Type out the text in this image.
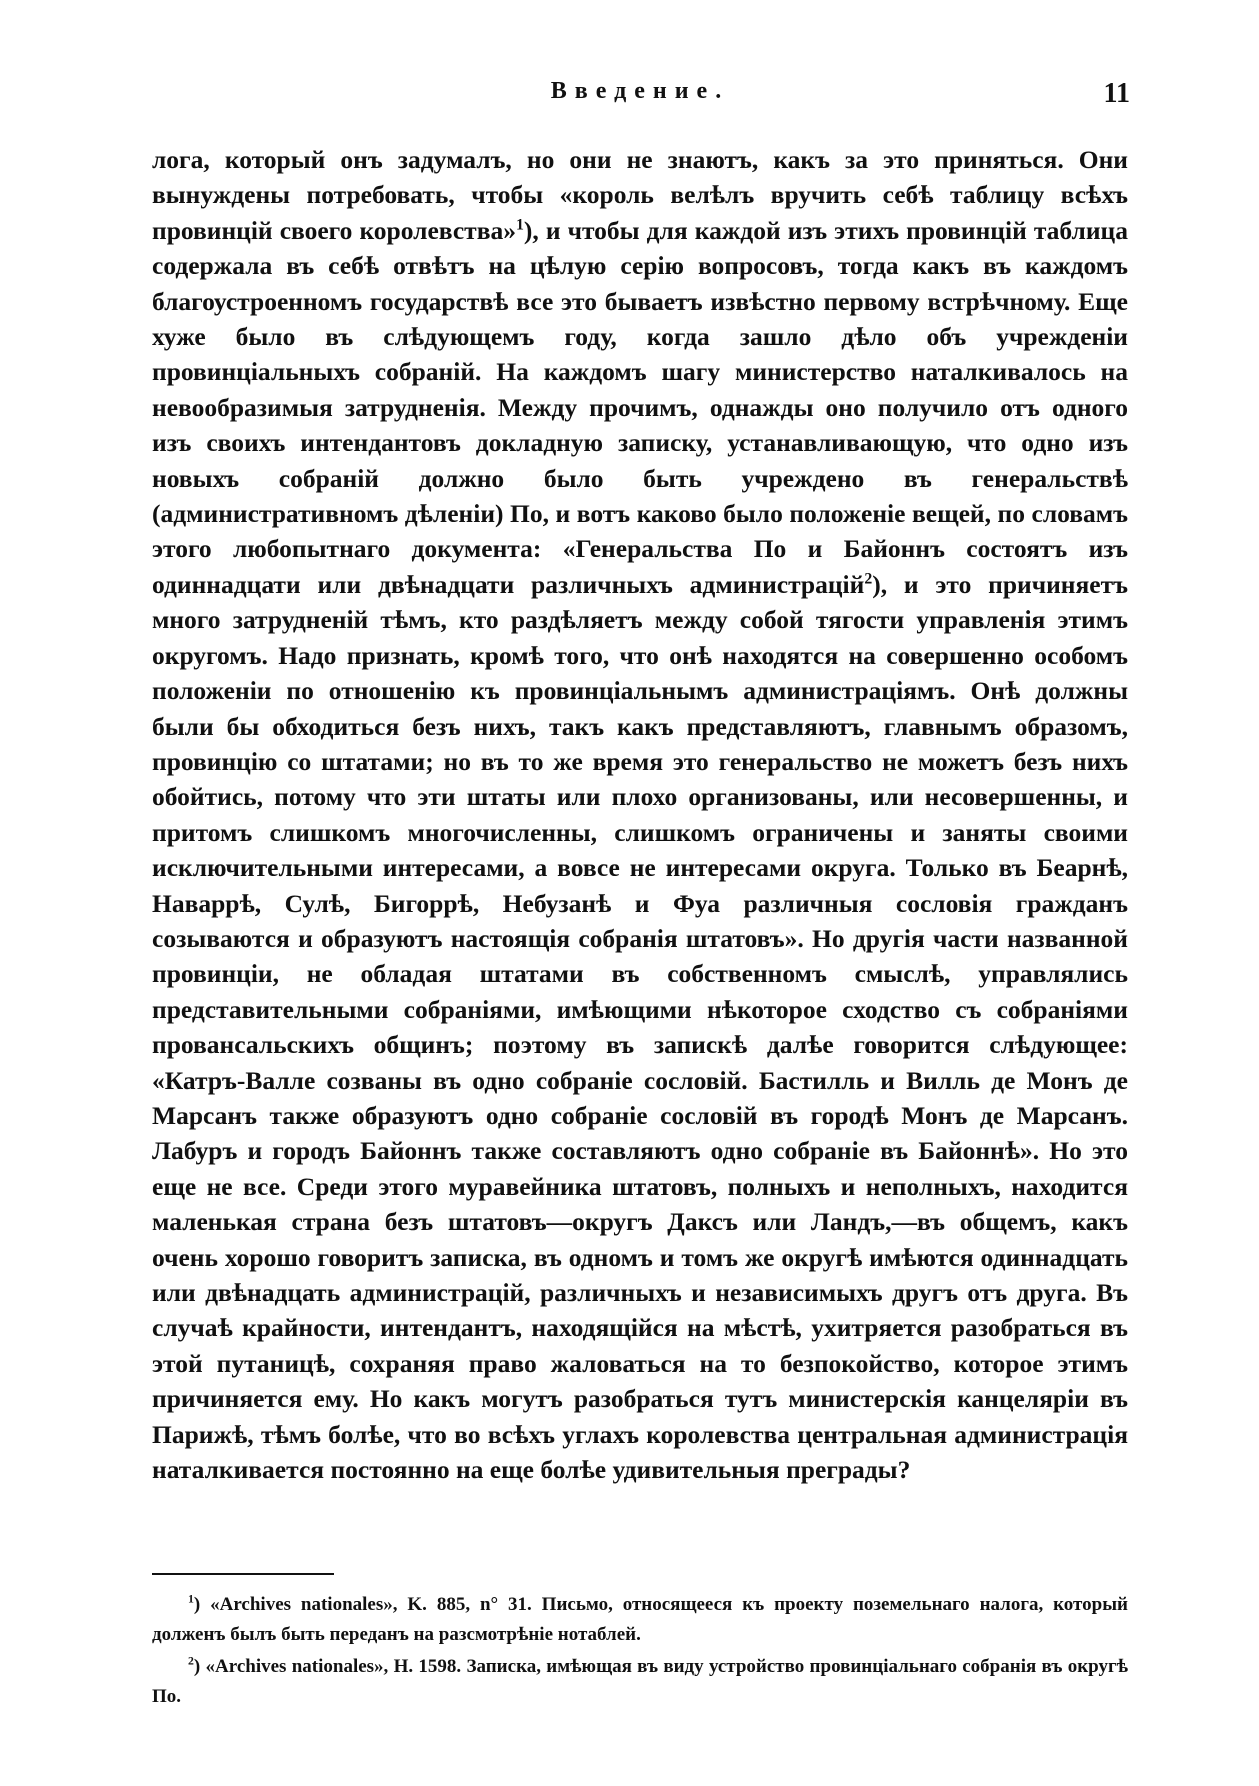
Введение.	11

лога, который онъ задумалъ, но они не знаютъ, какъ за это приняться. Они вынуждены потребовать, чтобы «король велѣлъ вручить себѣ таблицу всѣхъ провинцій своего королевства»$^1$), и чтобы для каждой изъ этихъ провинцій таблица содержала въ себѣ отвѣтъ на цѣлую серію вопросовъ, тогда какъ въ каждомъ благоустроенномъ государствѣ все это бываетъ извѣстно первому встрѣчному. Еще хуже было въ слѣдующемъ году, когда зашло дѣло объ учрежденіи провинціальныхъ собраній. На каждомъ шагу министерство наталкивалось на невообразимыя затрудненія. Между прочимъ, однажды оно получило отъ одного изъ своихъ интендантовъ докладную записку, устанавливающую, что одно изъ новыхъ собраній должно было быть учреждено въ генеральствѣ (административномъ дѣленіи) По, и вотъ каково было положеніе вещей, по словамъ этого любопытнаго документа: «Генеральства По и Байоннъ состоятъ изъ одиннадцати или двѣнадцати различныхъ администрацій$^2$), и это причиняетъ много затрудненій тѣмъ, кто раздѣляетъ между собой тягости управленія этимъ округомъ. Надо признать, кромѣ того, что онѣ находятся на совершенно особомъ положеніи по отношенію къ провинціальнымъ администраціямъ. Онѣ должны были бы обходиться безъ нихъ, такъ какъ представляютъ, главнымъ образомъ, провинцію со штатами; но въ то же время это генеральство не можетъ безъ нихъ обойтись, потому что эти штаты или плохо организованы, или несовершенны, и притомъ слишкомъ многочисленны, слишкомъ ограничены и заняты своими исключительными интересами, а вовсе не интересами округа. Только въ Беарнѣ, Наваррѣ, Сулѣ, Бигоррѣ, Небузанѣ и Фуа различныя сословія гражданъ созываются и образуютъ настоящія собранія штатовъ». Но другія части названной провинціи, не обладая штатами въ собственномъ смыслѣ, управлялись представительными собраніями, имѣющими нѣкоторое сходство съ собраніями провансальскихъ общинъ; поэтому въ запискѣ далѣе говорится слѣдующее: «Катръ-Валле созваны въ одно собраніе сословій. Бастилль и Вилль де Монъ де Марсанъ также образуютъ одно собраніе сословій въ городѣ Монъ де Марсанъ. Лабуръ и городъ Байоннъ также составляютъ одно собраніе въ Байоннѣ». Но это еще не все. Среди этого муравейника штатовъ, полныхъ и неполныхъ, находится маленькая страна безъ штатовъ—округъ Даксъ или Ландъ,—въ общемъ, какъ очень хорошо говоритъ записка, въ одномъ и томъ же округѣ имѣются одиннадцать или двѣнадцать администрацій, различныхъ и независимыхъ другъ отъ друга. Въ случаѣ крайности, интендантъ, находящійся на мѣстѣ, ухитряется разобраться въ этой путаницѣ, сохраняя право жаловаться на то безпокойство, которое этимъ причиняется ему. Но какъ могутъ разобраться тутъ министерскія канцеляріи въ Парижѣ, тѣмъ болѣе, что во всѣхъ углахъ королевства центральная администрація наталкивается постоянно на еще болѣе удивительныя преграды?

$^1$) «Archives nationales», K. 885, n° 31. Письмо, относящееся къ проекту поземельнаго налога, который долженъ былъ быть переданъ на разсмотрѣніе нотаблей.

$^2$) «Archives nationales», H. 1598. Записка, имѣющая въ виду устройство провинціальнаго собранія въ округѣ По.
